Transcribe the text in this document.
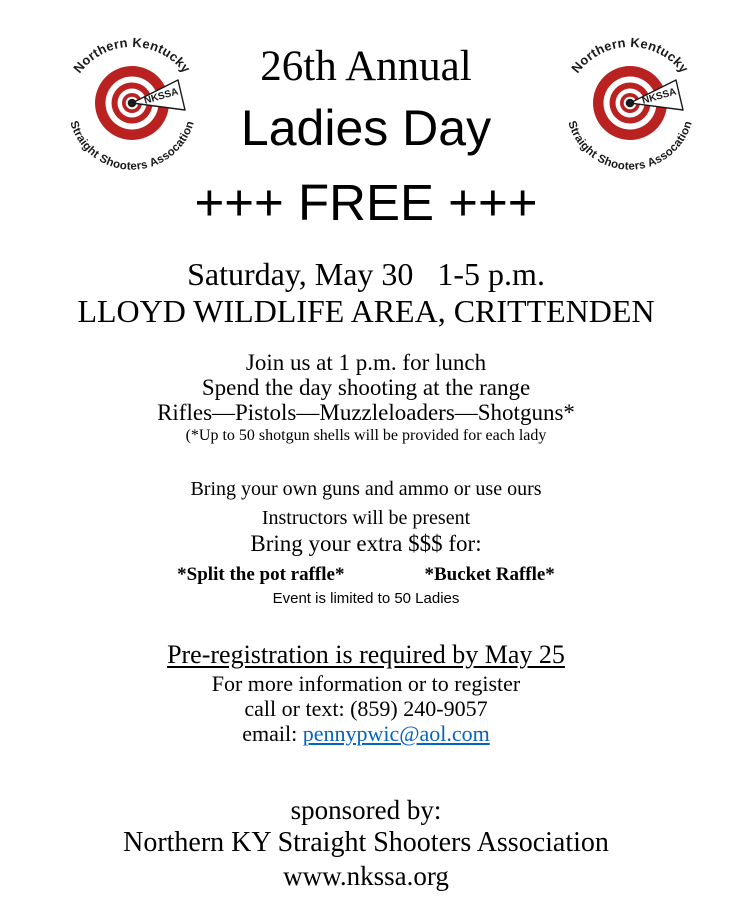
NKSSA
Northern Kentucky
Straight Shooters Assocation
NKSSA
Northern Kentucky
Straight Shooters Assocation
26th Annual
Ladies Day
+++ FREE +++
Saturday, May 30   1-5 p.m.
LLOYD WILDLIFE AREA, CRITTENDEN
Join us at 1 p.m. for lunch
Spend the day shooting at the range
Rifles—Pistols—Muzzleloaders—Shotguns*
(*Up to 50 shotgun shells will be provided for each lady
Bring your own guns and ammo or use ours
Instructors will be present
Bring your extra $$$ for:
*Split the pot raffle*	*Bucket Raffle*
Event is limited to 50 Ladies
Pre-registration is required by May 25
For more information or to register
call or text: (859) 240-9057
email: pennypwic@aol.com
sponsored by:
Northern KY Straight Shooters Association
www.nkssa.org
